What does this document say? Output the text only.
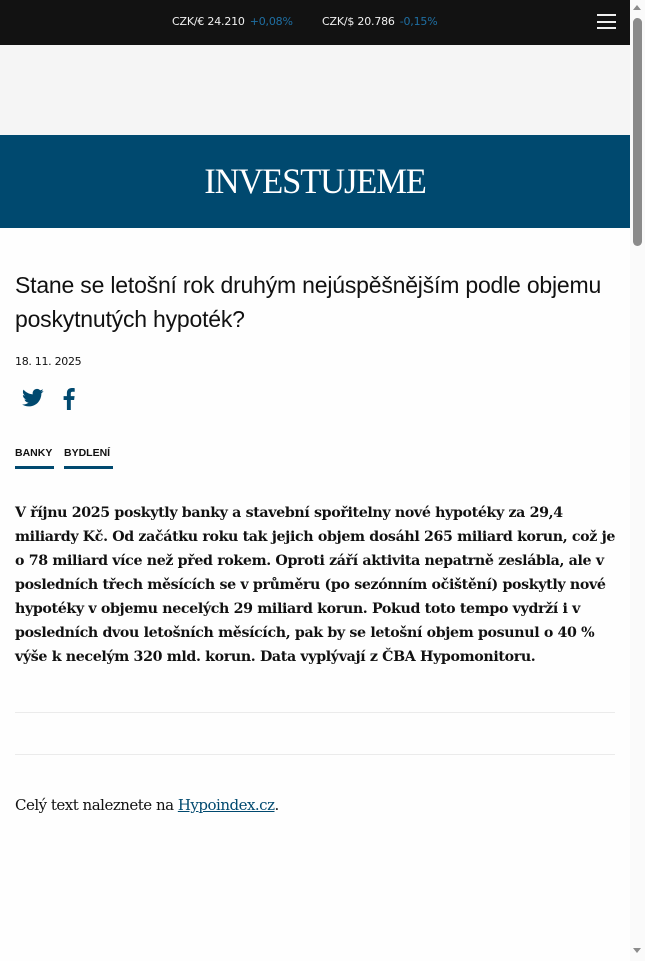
CZK/€ 24.210 +0,08%	CZK/$ 20.786 -0,15%
INVESTUJEME
Stane se letošní rok druhým nejúspěšnějším podle objemu poskytnutých hypoték?
18. 11. 2025
BANKY BYDLENÍ

V říjnu 2025 poskytly banky a stavební spořitelny nové hypotéky za 29,4 miliardy Kč. Od začátku roku tak jejich objem dosáhl 265 miliard korun, což je o 78 miliard více než před rokem. Oproti září aktivita nepatrně zeslábla, ale v posledních třech měsících se v průměru (po sezónním očištění) poskytly nové hypotéky v objemu necelých 29 miliard korun. Pokud toto tempo vydrží i v posledních dvou letošních měsících, pak by se letošní objem posunul o 40 % výše k necelým 320 mld. korun. Data vyplývají z ČBA Hypomonitoru.

Celý text naleznete na Hypoindex.cz.
